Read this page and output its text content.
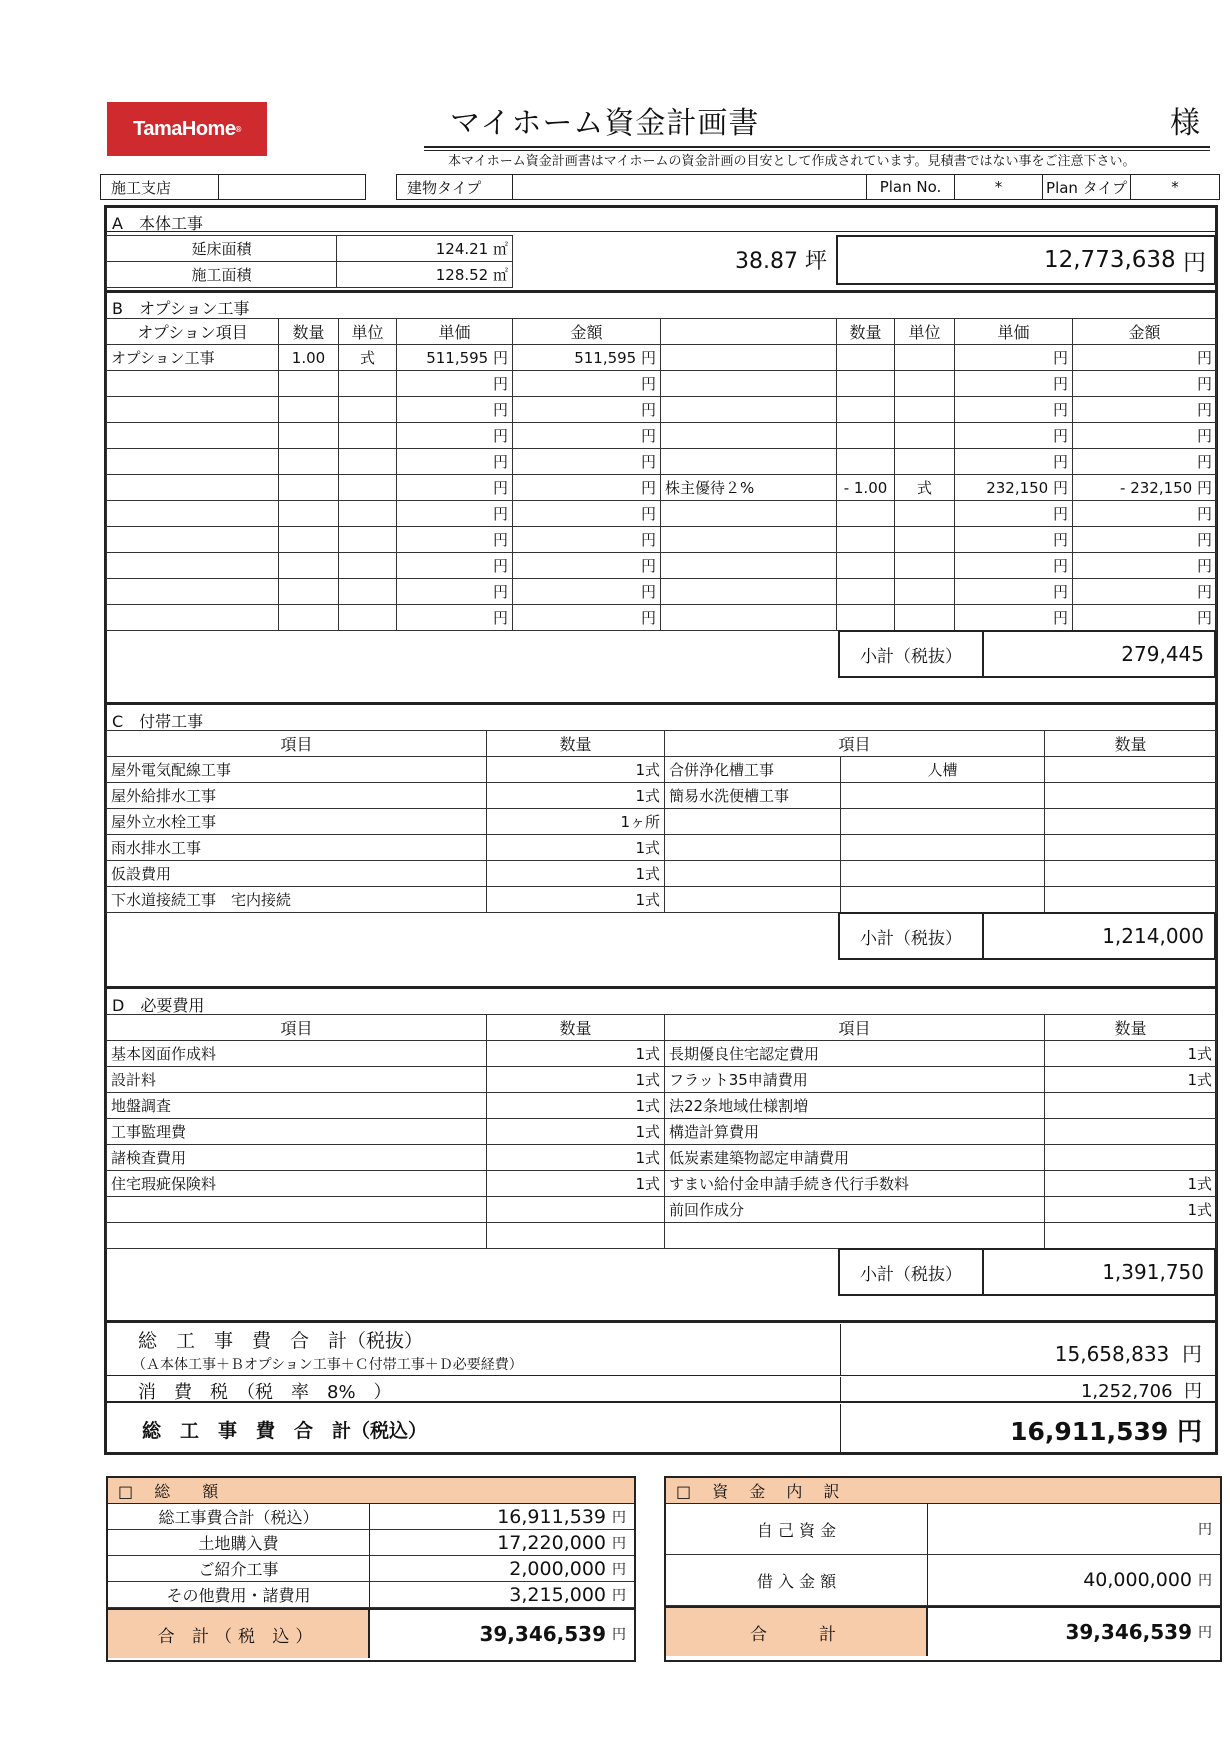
TamaHome ®	マイホーム資金計画書	様
本マイホーム資金計画書はマイホームの資金計画の目安として作成されています。見積書ではない事をご注意下さい。
施工支店	建物タイプ	Plan No.	*	Plan タイプ	*
A　本体工事
延床面積	124.21 ㎡
施工面積	128.52 ㎡
38.87 坪	12,773,638
円
B　オプション工事
オプション項目	数量	単位	単価	金額		数量	単位	単価	金額
オプション工事	1.00	式	511,595 円	511,595 円				円	円
			円	円				円	円
			円	円				円	円
			円	円				円	円
			円	円				円	円
			円	円	株主優待２%	- 1.00	式	232,150 円	- 232,150 円
			円	円				円	円
			円	円				円	円
			円	円				円	円
			円	円				円	円
			円	円				円	円
小計（税抜）	279,445
C　付帯工事
項目	数量	項目		数量
屋外電気配線工事	1式	合併浄化槽工事	人槽	
屋外給排水工事	1式	簡易水洗便槽工事		
屋外立水栓工事	1ヶ所			
雨水排水工事	1式			
仮設費用	1式			
下水道接続工事　宅内接続	1式			
小計（税抜）	1,214,000
D　必要費用
項目	数量	項目	数量
基本図面作成料	1式	長期優良住宅認定費用	1式
設計料	1式	フラット35申請費用	1式
地盤調査	1式	法22条地域仕様割増	
工事監理費	1式	構造計算費用	
諸検査費用	1式	低炭素建築物認定申請費用	
住宅瑕疵保険料	1式	すまい給付金申請手続き代行手数料	1式
		前回作成分	1式

小計（税抜）	1,391,750
総　工　事　費　合　計（税抜）
（Ａ本体工事＋Ｂオプション工事＋Ｃ付帯工事＋Ｄ必要経費）	15,658,833 円
消　費　税　（税　率　8%　）	1,252,706 円
総　工　事　費　合　計（税込）	16,911,539 円
□ 総　額
総工事費合計（税込）	16,911,539 円
土地購入費	17,220,000 円
ご紹介工事	2,000,000 円
その他費用・諸費用	3,215,000 円
合 計（税 込）	39,346,539 円
□ 資 金 内 訳
自 己 資 金	円
借 入 金 額	40,000,000 円
合　　計	39,346,539 円
